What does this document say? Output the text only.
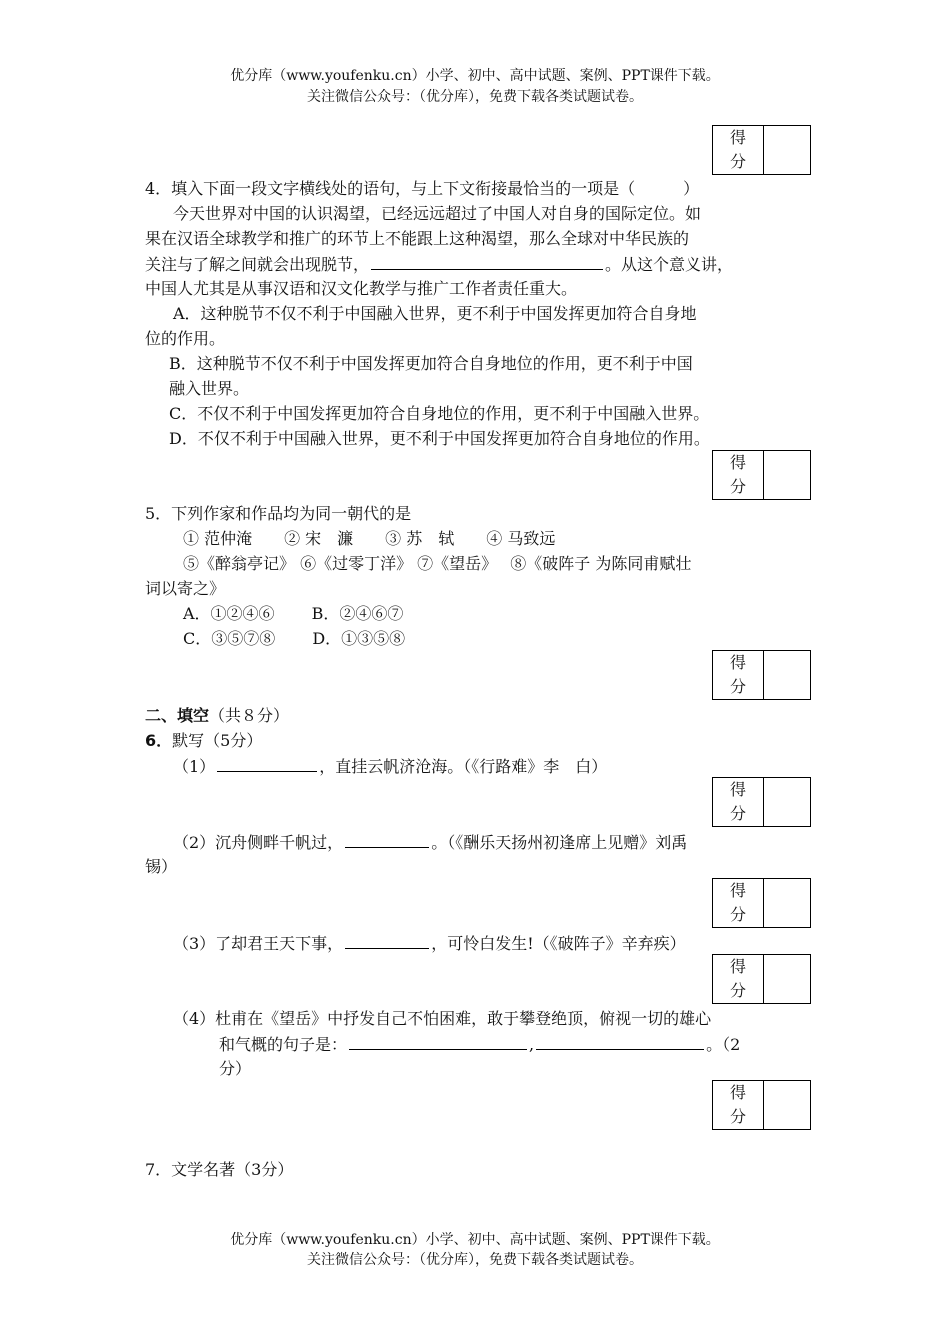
优分库（www.youfenku.cn）小学、初中、高中试题、案例、PPT课件下载。
关注微信公众号：（优分库），免费下载各类试题试卷。
得
分
4．填入下面一段文字横线处的语句，与上下文衔接最恰当的一项是（　　　）
今天世界对中国的认识渴望，已经远远超过了中国人对自身的国际定位。如
果在汉语全球教学和推广的环节上不能跟上这种渴望，那么全球对中华民族的
关注与了解之间就会出现脱节，	。从这个意义讲，
中国人尤其是从事汉语和汉文化教学与推广工作者责任重大。
A．这种脱节不仅不利于中国融入世界，更不利于中国发挥更加符合自身地
位的作用。
B．这种脱节不仅不利于中国发挥更加符合自身地位的作用，更不利于中国
融入世界。
C．不仅不利于中国发挥更加符合自身地位的作用，更不利于中国融入世界。
D．不仅不利于中国融入世界，更不利于中国发挥更加符合自身地位的作用。
得
分
5．下列作家和作品均为同一朝代的是
① 范仲淹　　② 宋　濂　　③ 苏　轼　　④ 马致远
⑤《醉翁亭记》 ⑥《过零丁洋》 ⑦《望岳》　 ⑧《破阵子 为陈同甫赋壮
词以寄之》
A．①②④⑥　　 B．②④⑥⑦
C．③⑤⑦⑧　　 D．①③⑤⑧
得
分
二、填空（共８分）
6．默写（5分）
（1）	，直挂云帆济沧海。（《行路难》李　白）
得
分
（2）沉舟侧畔千帆过，	。（《酬乐天扬州初逢席上见赠》刘禹
锡）
得
分
（3）了却君王天下事，	，可怜白发生!（《破阵子》辛弃疾）
得
分
（4）杜甫在《望岳》中抒发自己不怕困难，敢于攀登绝顶，俯视一切的雄心
和气概的句子是：	,	。（2
分）
得
分
7．文学名著（3分）
优分库（www.youfenku.cn）小学、初中、高中试题、案例、PPT课件下载。
关注微信公众号：（优分库），免费下载各类试题试卷。
